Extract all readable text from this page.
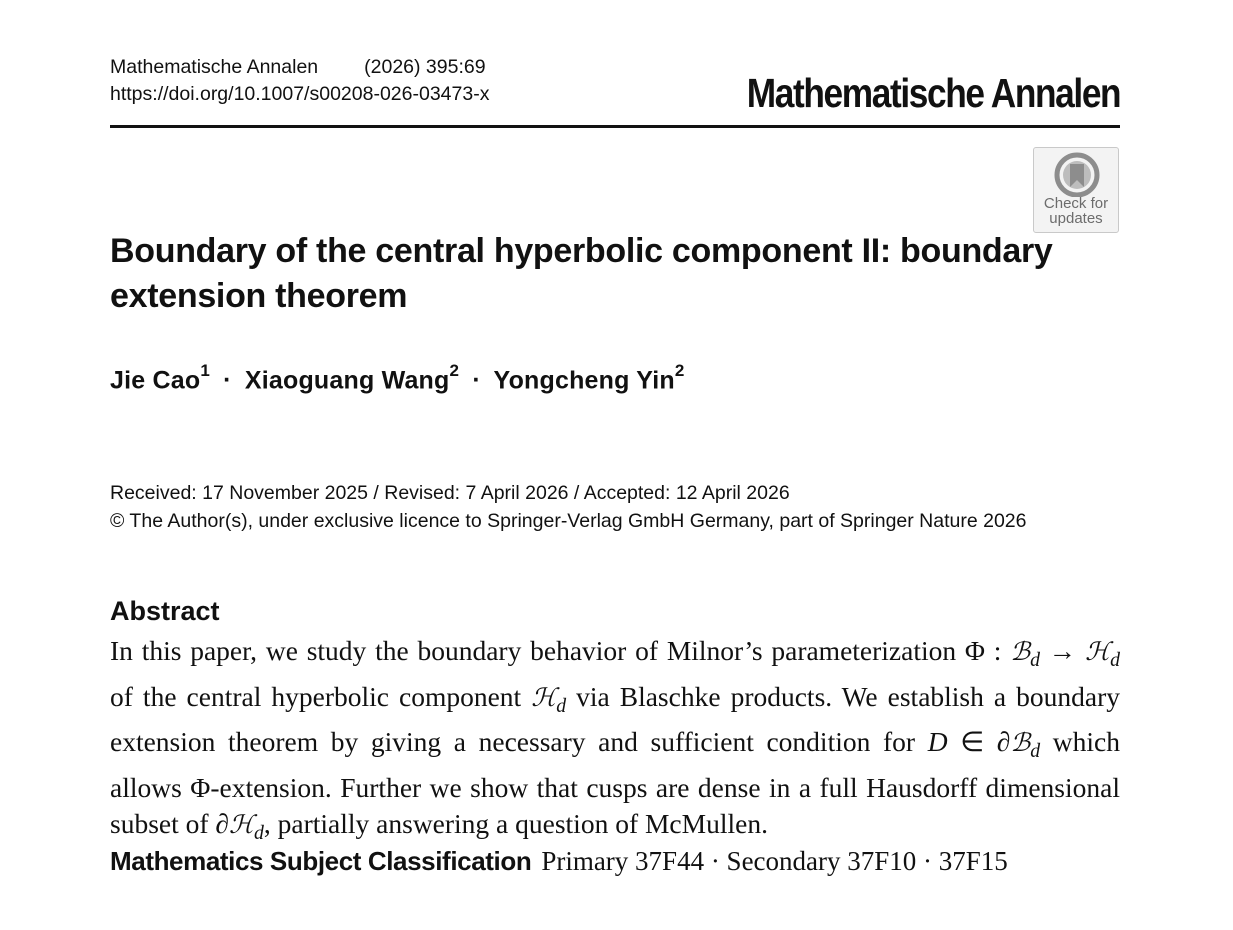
Mathematische Annalen (2026) 395:69
https://doi.org/10.1007/s00208-026-03473-x	Mathematische Annalen
Check for
updates
Boundary of the central hyperbolic component II: boundary extension theorem
Jie Cao$^1$ · Xiaoguang Wang$^2$ · Yongcheng Yin$^2$
Received: 17 November 2025 / Revised: 7 April 2026 / Accepted: 12 April 2026
© The Author(s), under exclusive licence to Springer-Verlag GmbH Germany, part of Springer Nature 2026
Abstract

In this paper, we study the boundary behavior of Milnor’s parameterization Φ : ℬ$_d$ → ℋ$_d$ of the central hyperbolic component ℋ$_d$ via Blaschke products. We establish a boundary extension theorem by giving a necessary and sufficient condition for D ∈ ∂ℬ$_d$ which allows Φ-extension. Further we show that cusps are dense in a full Hausdorff dimensional subset of ∂ℋ$_d$, partially answering a question of McMullen.

Mathematics Subject Classification Primary 37F44 · Secondary 37F10 · 37F15
